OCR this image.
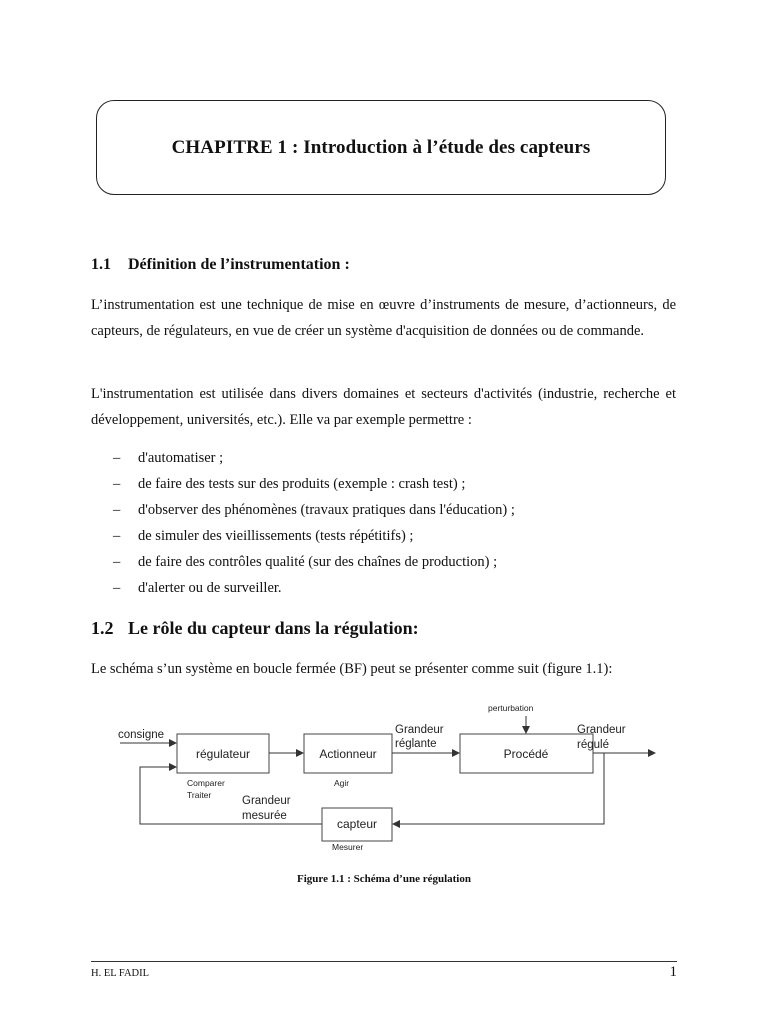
CHAPITRE 1 : Introduction à l’étude des capteurs
1.1 Définition de l’instrumentation :

L’instrumentation est une technique de mise en œuvre d’instruments de mesure, d’actionneurs, de capteurs, de régulateurs, en vue de créer un système d'acquisition de données ou de commande.

L'instrumentation est utilisée dans divers domaines et secteurs d'activités (industrie, recherche et développement, universités, etc.). Elle va par exemple permettre :

–	d'automatiser ;
–	de faire des tests sur des produits (exemple : crash test) ;
–	d'observer des phénomènes (travaux pratiques dans l'éducation) ;
–	de simuler des vieillissements (tests répétitifs) ;
–	de faire des contrôles qualité (sur des chaînes de production) ;
–	d'alerter ou de surveiller.
1.2 Le rôle du capteur dans la régulation:

Le schéma s’un système en boucle fermée (BF) peut se présenter comme suit (figure 1.1):

consigne
régulateur
Comparer
Traiter
Actionneur
Agir
Grandeur
réglante
perturbation
Procédé
Grandeur
régulé
Grandeur
mesurée
capteur
Mesurer
Figure 1.1 : Schéma d’une régulation
H. EL FADIL	1
